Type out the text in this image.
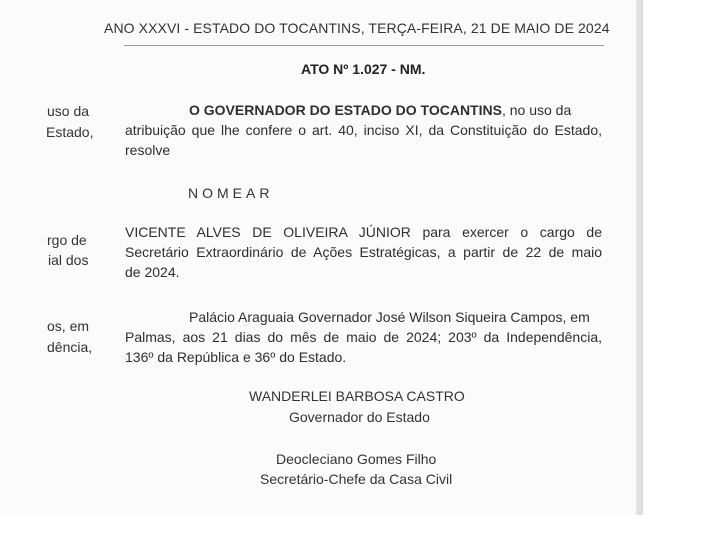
ANO XXXVI - ESTADO DO TOCANTINS, TERÇA-FEIRA, 21 DE MAIO DE 2024
ATO Nº 1.027 - NM.
uso da
Estado,
rgo de
ial dos
os, em
dência,
O GOVERNADOR DO ESTADO DO TOCANTINS, no uso da
atribuição que lhe confere o art. 40, inciso XI, da Constituição do Estado,
resolve
NOMEAR
VICENTE ALVES DE OLIVEIRA JÚNIOR para exercer o cargo de
Secretário Extraordinário de Ações Estratégicas, a partir de 22 de maio
de 2024.
Palácio Araguaia Governador José Wilson Siqueira Campos, em
Palmas, aos 21 dias do mês de maio de 2024; 203º da Independência,
136º da República e 36º do Estado.
WANDERLEI BARBOSA CASTRO
Governador do Estado
Deocleciano Gomes Filho
Secretário-Chefe da Casa Civil
